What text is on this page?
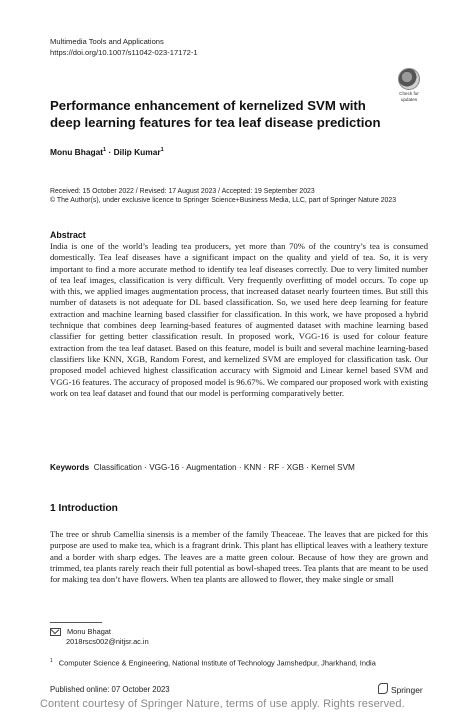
Multimedia Tools and Applications
https://doi.org/10.1007/s11042-023-17172-1
Check for
updates
Performance enhancement of kernelized SVM with deep learning features for tea leaf disease prediction
Monu Bhagat$^1$ · Dilip Kumar$^1$
Received: 15 October 2022 / Revised: 17 August 2023 / Accepted: 19 September 2023
© The Author(s), under exclusive licence to Springer Science+Business Media, LLC, part of Springer Nature 2023
Abstract
India is one of the world’s leading tea producers, yet more than 70% of the country’s tea is consumed domestically. Tea leaf diseases have a significant impact on the quality and yield of tea. So, it is very important to find a more accurate method to identify tea leaf diseases correctly. Due to very limited number of tea leaf images, classification is very difficult. Very frequently overfitting of model occurs. To cope up with this, we applied images augmentation process, that increased dataset nearly fourteen times. But still this number of datasets is not adequate for DL based classification. So, we used here deep learning for feature extraction and machine learning based classifier for classification. In this work, we have proposed a hybrid technique that combines deep learning-based features of augmented dataset with machine learning based classifier for getting better classification result. In proposed work, VGG-16 is used for colour feature extraction from the tea leaf dataset. Based on this feature, model is built and several machine learning-based classifiers like KNN, XGB, Random Forest, and kernelized SVM are employed for classification task. Our proposed model achieved highest classification accuracy with Sigmoid and Linear kernel based SVM and VGG-16 features. The accuracy of proposed model is 96.67%. We compared our proposed work with existing work on tea leaf dataset and found that our model is performing comparatively better.
Keywords Classification · VGG-16 · Augmentation · KNN · RF · XGB · Kernel SVM
1 Introduction
The tree or shrub Camellia sinensis is a member of the family Theaceae. The leaves that are picked for this purpose are used to make tea, which is a fragrant drink. This plant has elliptical leaves with a leathery texture and a border with sharp edges. The leaves are a matte green colour. Because of how they are grown and trimmed, tea plants rarely reach their full potential as bowl-shaped trees. Tea plants that are meant to be used for making tea don’t have flowers. When tea plants are allowed to flower, they make single or small
Monu Bhagat
2018rscs002@nitjsr.ac.in
$^1$ Computer Science & Engineering, National Institute of Technology Jamshedpur, Jharkhand, India
Published online: 07 October 2023	Springer
Content courtesy of Springer Nature, terms of use apply. Rights reserved.
